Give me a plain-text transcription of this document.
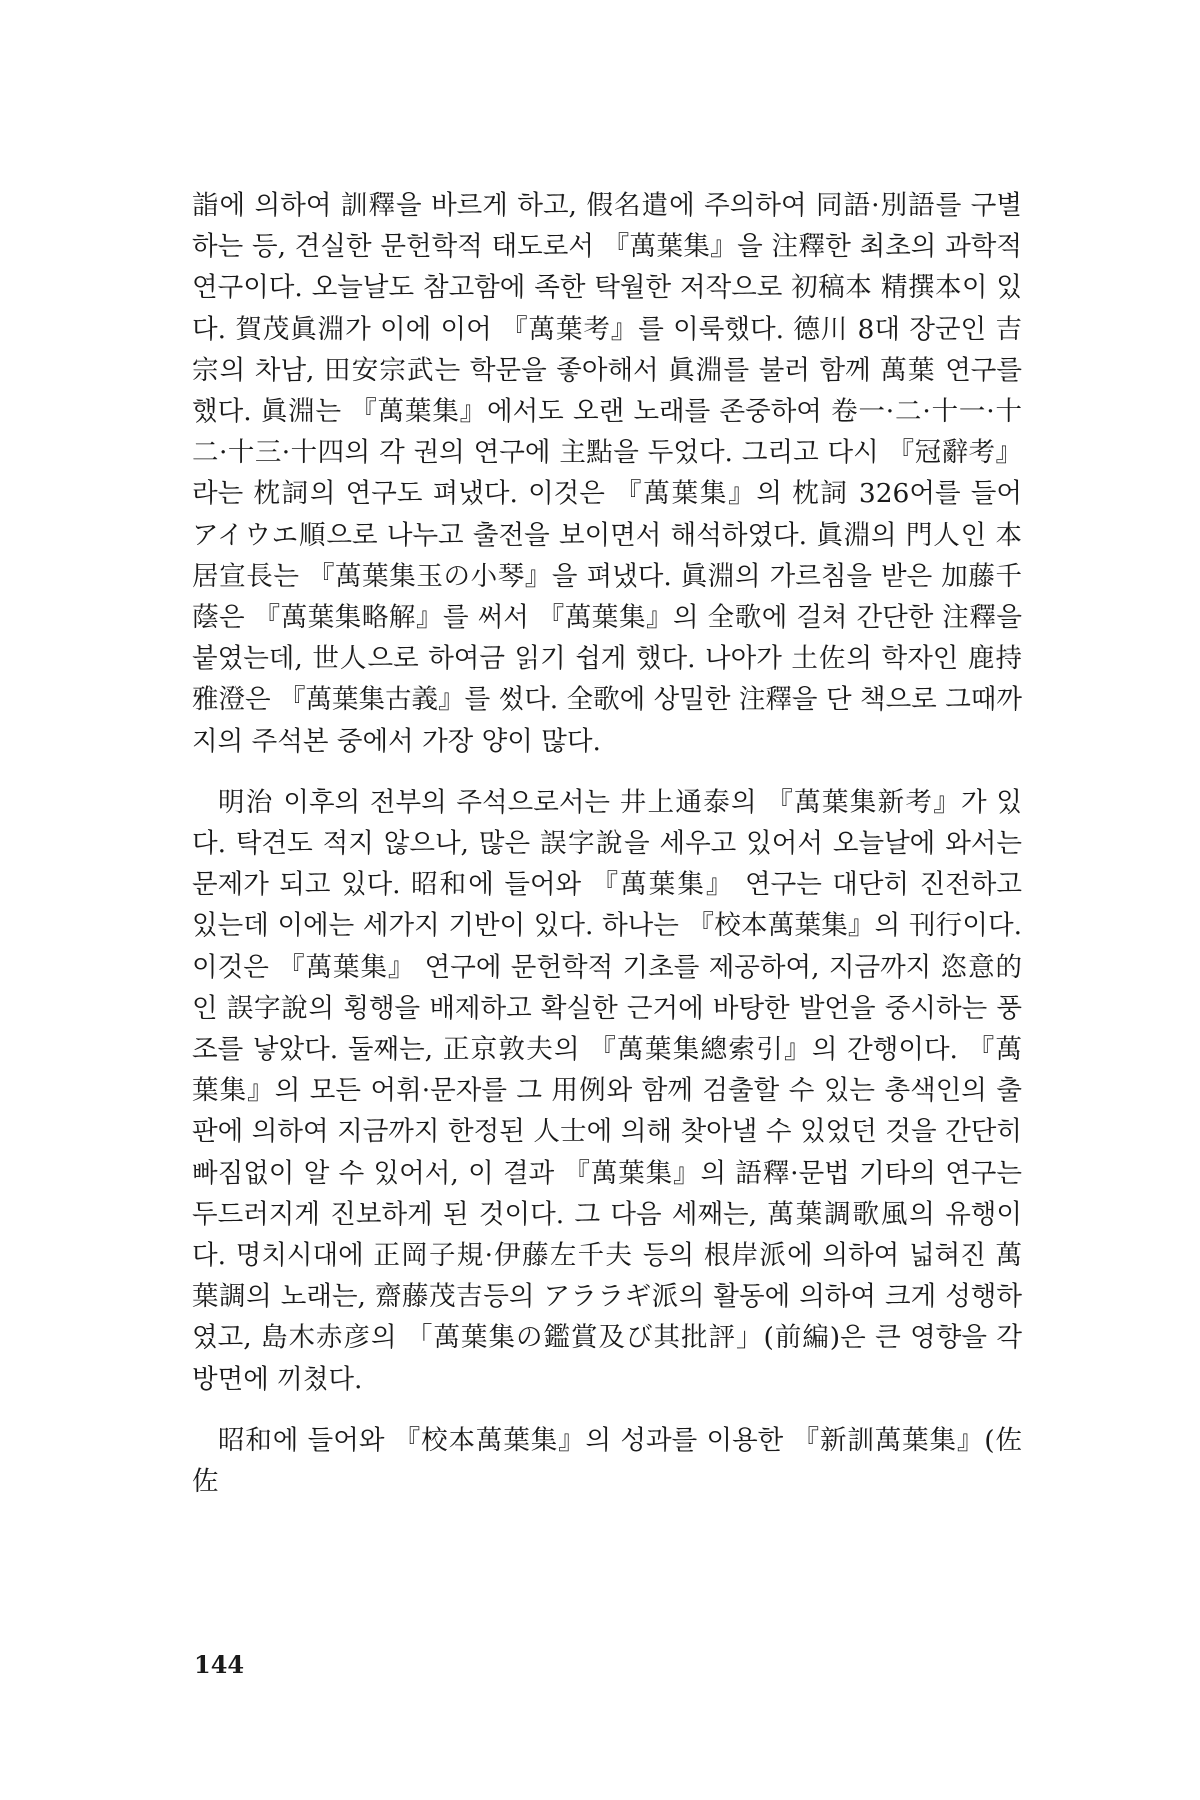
詣에 의하여 訓釋을 바르게 하고, 假名遣에 주의하여 同語·別語를 구별하는 등, 견실한 문헌학적 태도로서 『萬葉集』을 注釋한 최초의 과학적 연구이다. 오늘날도 참고함에 족한 탁월한 저작으로 初稿本 精撰本이 있다. 賀茂眞淵가 이에 이어 『萬葉考』를 이룩했다. 德川 8대 장군인 吉宗의 차남, 田安宗武는 학문을 좋아해서 眞淵를 불러 함께 萬葉 연구를 했다. 眞淵는 『萬葉集』에서도 오랜 노래를 존중하여 卷一·二·十一·十二·十三·十四의 각 권의 연구에 主點을 두었다. 그리고 다시 『冠辭考』라는 枕詞의 연구도 펴냈다. 이것은 『萬葉集』의 枕詞 326어를 들어 アイウエ順으로 나누고 출전을 보이면서 해석하였다. 眞淵의 門人인 本居宣長는 『萬葉集玉の小琴』을 펴냈다. 眞淵의 가르침을 받은 加藤千蔭은 『萬葉集略解』를 써서 『萬葉集』의 全歌에 걸쳐 간단한 注釋을 붙였는데, 世人으로 하여금 읽기 쉽게 했다. 나아가 土佐의 학자인 鹿持雅澄은 『萬葉集古義』를 썼다. 全歌에 상밀한 注釋을 단 책으로 그때까지의 주석본 중에서 가장 양이 많다.

明治 이후의 전부의 주석으로서는 井上通泰의 『萬葉集新考』가 있다. 탁견도 적지 않으나, 많은 誤字說을 세우고 있어서 오늘날에 와서는 문제가 되고 있다. 昭和에 들어와 『萬葉集』 연구는 대단히 진전하고 있는데 이에는 세가지 기반이 있다. 하나는 『校本萬葉集』의 刊行이다. 이것은 『萬葉集』 연구에 문헌학적 기초를 제공하여, 지금까지 恣意的인 誤字說의 횡행을 배제하고 확실한 근거에 바탕한 발언을 중시하는 풍조를 낳았다. 둘째는, 正京敦夫의 『萬葉集總索引』의 간행이다. 『萬葉集』의 모든 어휘·문자를 그 用例와 함께 검출할 수 있는 총색인의 출판에 의하여 지금까지 한정된 人士에 의해 찾아낼 수 있었던 것을 간단히 빠짐없이 알 수 있어서, 이 결과 『萬葉集』의 語釋·문법 기타의 연구는 두드러지게 진보하게 된 것이다. 그 다음 세째는, 萬葉調歌風의 유행이다. 명치시대에 正岡子規·伊藤左千夫 등의 根岸派에 의하여 넓혀진 萬葉調의 노래는, 齋藤茂吉등의 アララギ派의 활동에 의하여 크게 성행하였고, 島木赤彦의 「萬葉集の鑑賞及び其批評」(前編)은 큰 영향을 각 방면에 끼쳤다.

昭和에 들어와 『校本萬葉集』의 성과를 이용한 『新訓萬葉集』(佐佐

144
